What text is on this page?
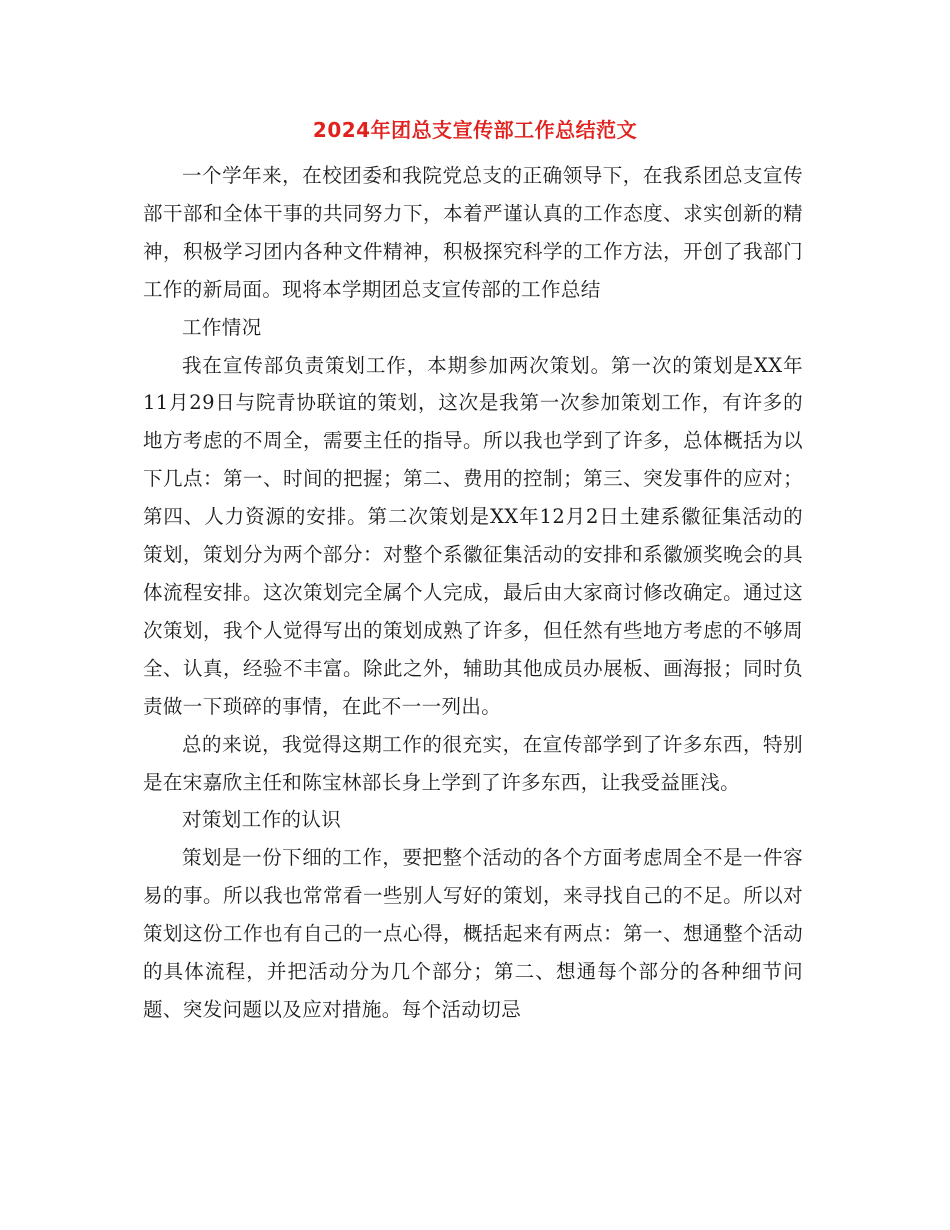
2024年团总支宣传部工作总结范文

一个学年来，在校团委和我院党总支的正确领导下，在我系团总支宣传部干部和全体干事的共同努力下，本着严谨认真的工作态度、求实创新的精神，积极学习团内各种文件精神，积极探究科学的工作方法，开创了我部门工作的新局面。现将本学期团总支宣传部的工作总结

工作情况

我在宣传部负责策划工作，本期参加两次策划。第一次的策划是XX年11月29日与院青协联谊的策划，这次是我第一次参加策划工作，有许多的地方考虑的不周全，需要主任的指导。所以我也学到了许多，总体概括为以下几点：第一、时间的把握；第二、费用的控制；第三、突发事件的应对；第四、人力资源的安排。第二次策划是XX年12月2日土建系徽征集活动的策划，策划分为两个部分：对整个系徽征集活动的安排和系徽颁奖晚会的具体流程安排。这次策划完全属个人完成，最后由大家商讨修改确定。通过这次策划，我个人觉得写出的策划成熟了许多，但任然有些地方考虑的不够周全、认真，经验不丰富。除此之外，辅助其他成员办展板、画海报；同时负责做一下琐碎的事情，在此不一一列出。

总的来说，我觉得这期工作的很充实，在宣传部学到了许多东西，特别是在宋嘉欣主任和陈宝林部长身上学到了许多东西，让我受益匪浅。

对策划工作的认识

策划是一份下细的工作，要把整个活动的各个方面考虑周全不是一件容易的事。所以我也常常看一些别人写好的策划，来寻找自己的不足。所以对策划这份工作也有自己的一点心得，概括起来有两点：第一、想通整个活动的具体流程，并把活动分为几个部分；第二、想通每个部分的各种细节问题、突发问题以及应对措施。每个活动切忌
